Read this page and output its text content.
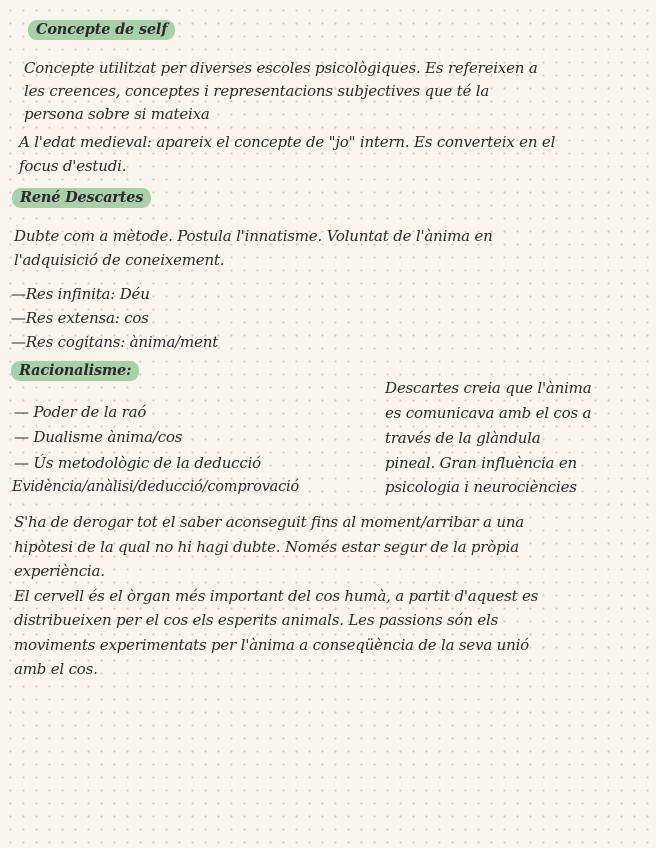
Concepte de self
Concepte utilitzat per diverses escoles psicològiques. Es refereixen a
les creences, conceptes i representacions subjectives que té la
persona sobre si mateixa
A l'edat medieval: apareix el concepte de "jo" intern. Es converteix en el
focus d'estudi.
René Descartes
Dubte com a mètode. Postula l'innatisme. Voluntat de l'ànima en
l'adquisició de coneixement.
—Res infinita: Déu
—Res extensa: cos
—Res cogitans: ànima/ment
Racionalisme:
— Poder de la raó
— Dualisme ànima/cos
— Ús metodològic de la deducció
Evidència/anàlisi/deducció/comprovació
Descartes creia que l'ànima
es comunicava amb el cos a
través de la glàndula
pineal. Gran influència en
psicologia i neurociències
S'ha de derogar tot el saber aconseguit fins al moment/arribar a una
hipòtesi de la qual no hi hagi dubte. Només estar segur de la pròpia
experiència.
El cervell és el òrgan més important del cos humà, a partit d'aquest es
distribueixen per el cos els esperits animals. Les passions són els
moviments experimentats per l'ànima a conseqüència de la seva unió
amb el cos.
